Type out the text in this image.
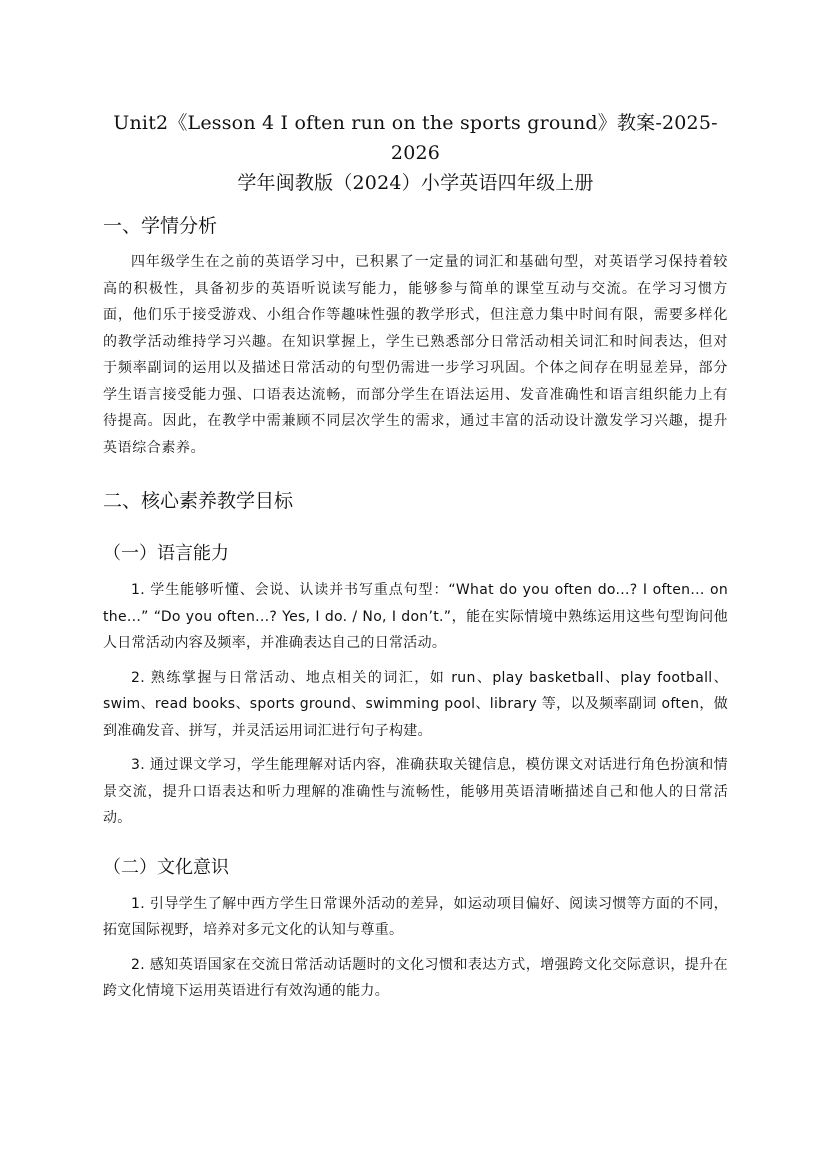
Unit2《Lesson 4 I often run on the sports ground》教案-2025-2026

学年闽教版（2024）小学英语四年级上册

一、学情分析

四年级学生在之前的英语学习中，已积累了一定量的词汇和基础句型，对英语学习保持着较高的积极性，具备初步的英语听说读写能力，能够参与简单的课堂互动与交流。在学习习惯方面，他们乐于接受游戏、小组合作等趣味性强的教学形式，但注意力集中时间有限，需要多样化的教学活动维持学习兴趣。在知识掌握上，学生已熟悉部分日常活动相关词汇和时间表达，但对于频率副词的运用以及描述日常活动的句型仍需进一步学习巩固。个体之间存在明显差异，部分学生语言接受能力强、口语表达流畅，而部分学生在语法运用、发音准确性和语言组织能力上有待提高。因此，在教学中需兼顾不同层次学生的需求，通过丰富的活动设计激发学习兴趣，提升英语综合素养。

二、核心素养教学目标
（一）语言能力

1. 学生能够听懂、会说、认读并书写重点句型：“What do you often do...? I often... on the...” “Do you often...? Yes, I do. / No, I don’t.”，能在实际情境中熟练运用这些句型询问他人日常活动内容及频率，并准确表达自己的日常活动。

2. 熟练掌握与日常活动、地点相关的词汇，如 run、play basketball、play football、swim、read books、sports ground、swimming pool、library 等，以及频率副词 often，做到准确发音、拼写，并灵活运用词汇进行句子构建。

3. 通过课文学习，学生能理解对话内容，准确获取关键信息，模仿课文对话进行角色扮演和情景交流，提升口语表达和听力理解的准确性与流畅性，能够用英语清晰描述自己和他人的日常活动。

（二）文化意识

1. 引导学生了解中西方学生日常课外活动的差异，如运动项目偏好、阅读习惯等方面的不同，拓宽国际视野，培养对多元文化的认知与尊重。

2. 感知英语国家在交流日常活动话题时的文化习惯和表达方式，增强跨文化交际意识，提升在跨文化情境下运用英语进行有效沟通的能力。
